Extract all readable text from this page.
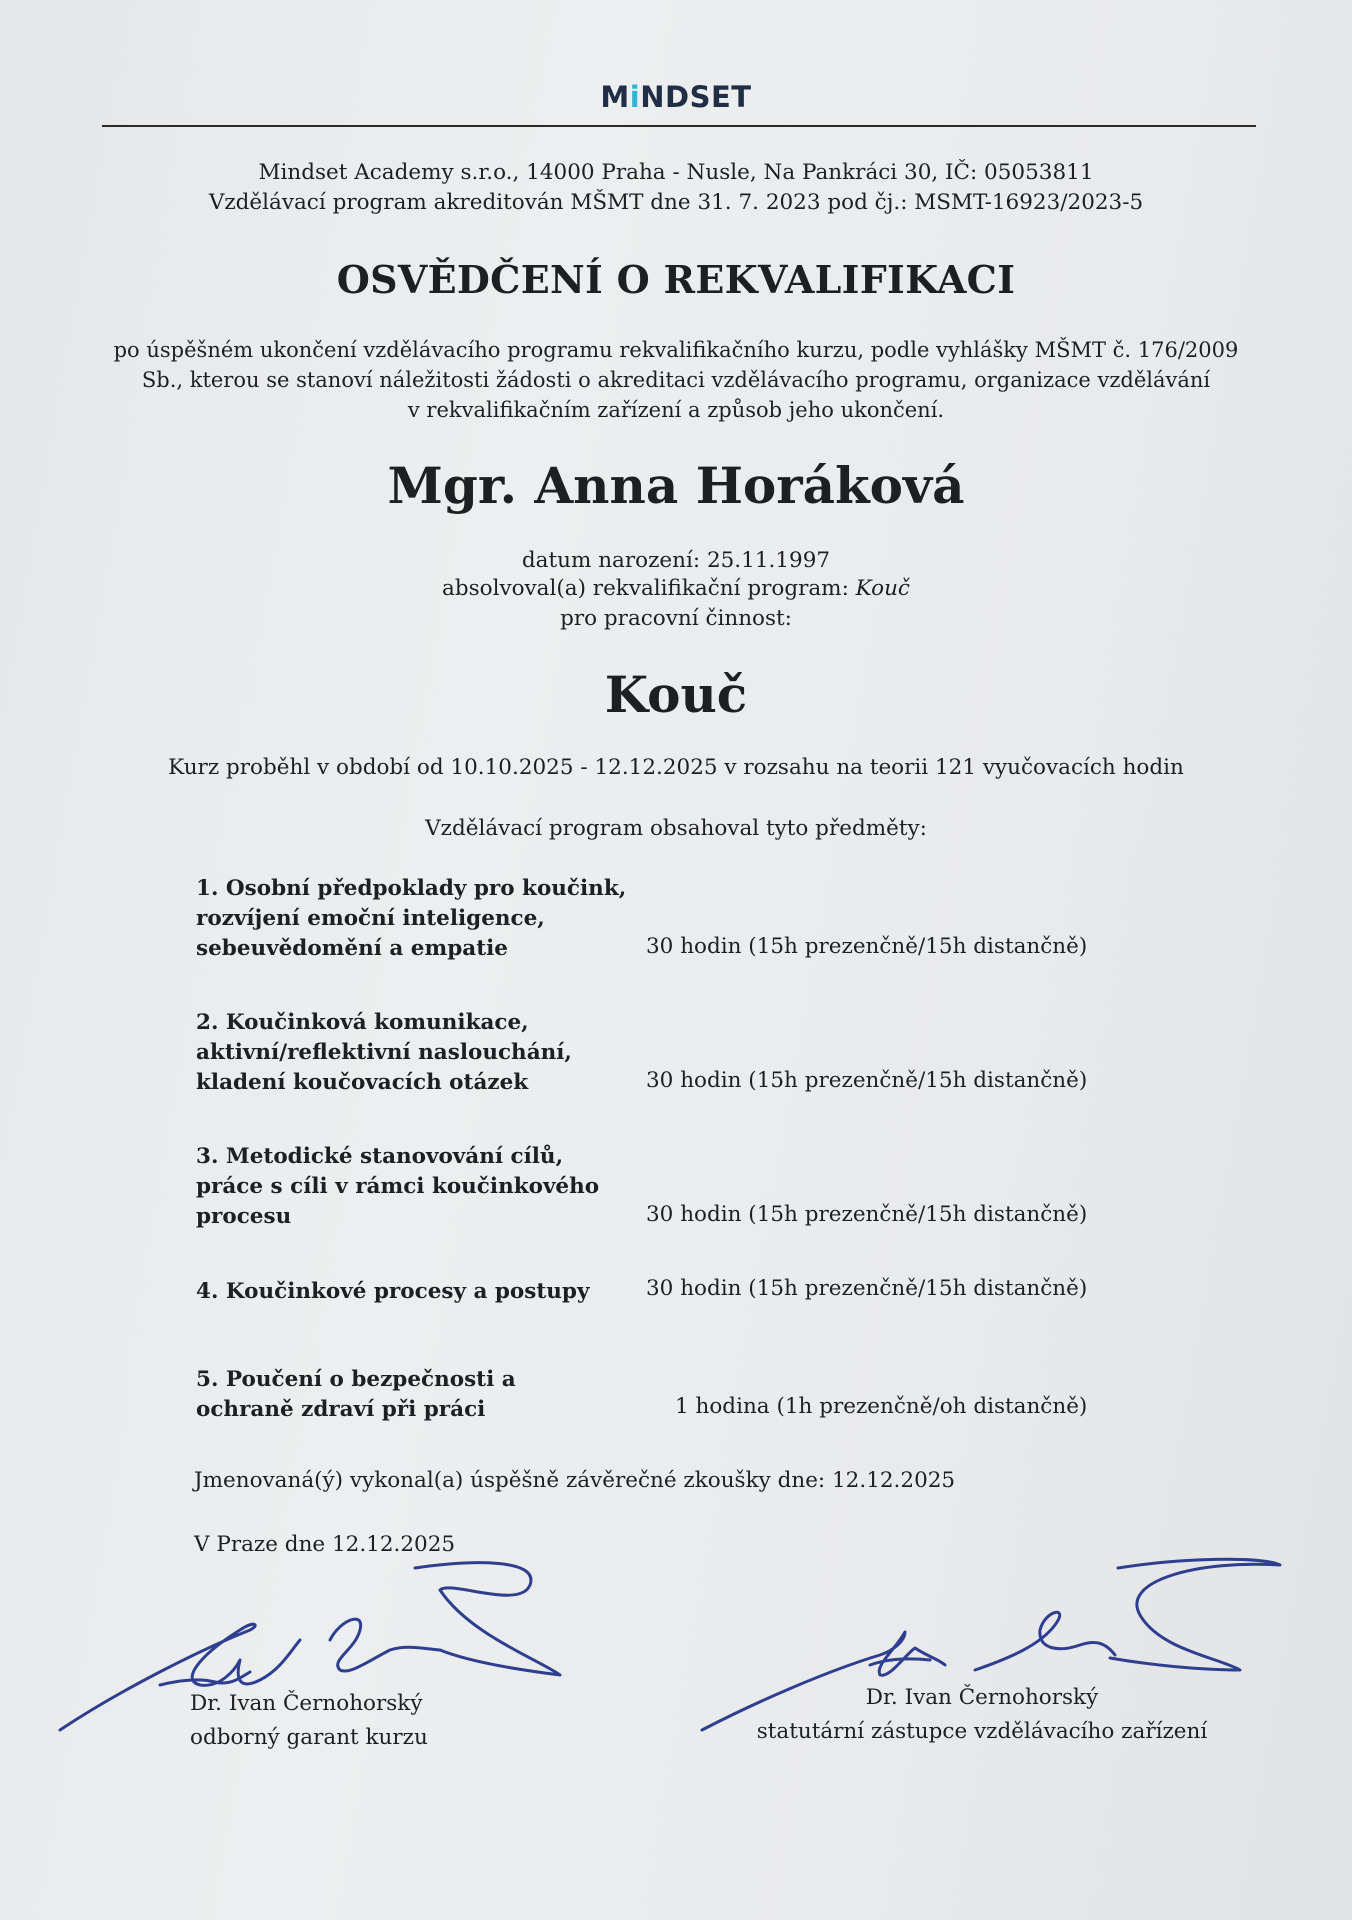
MiNDSET
Mindset Academy s.r.o., 14000 Praha - Nusle, Na Pankráci 30, IČ: 05053811
Vzdělávací program akreditován MŠMT dne 31. 7. 2023 pod čj.: MSMT-16923/2023-5
OSVĚDČENÍ O REKVALIFIKACI
po úspěšném ukončení vzdělávacího programu rekvalifikačního kurzu, podle vyhlášky MŠMT č. 176/2009
Sb., kterou se stanoví náležitosti žádosti o akreditaci vzdělávacího programu, organizace vzdělávání
v rekvalifikačním zařízení a způsob jeho ukončení.
Mgr. Anna Horáková
datum narození: 25.11.1997
absolvoval(a) rekvalifikační program: Kouč
pro pracovní činnost:
Kouč
Kurz proběhl v období od 10.10.2025 - 12.12.2025 v rozsahu na teorii 121 vyučovacích hodin
Vzdělávací program obsahoval tyto předměty:
1. Osobní předpoklady pro koučink,
rozvíjení emoční inteligence,
sebeuvědomění a empatie	30 hodin (15h prezenčně/15h distančně)
2. Koučinková komunikace,
aktivní/reflektivní naslouchání,
kladení koučovacích otázek	30 hodin (15h prezenčně/15h distančně)
3. Metodické stanovování cílů,
práce s cíli v rámci koučinkového
procesu	30 hodin (15h prezenčně/15h distančně)
4. Koučinkové procesy a postupy	30 hodin (15h prezenčně/15h distančně)
5. Poučení o bezpečnosti a
ochraně zdraví při práci	1 hodina (1h prezenčně/oh distančně)
Jmenovaná(ý) vykonal(a) úspěšně závěrečné zkoušky dne: 12.12.2025
V Praze dne 12.12.2025
Dr. Ivan Černohorský
odborný garant kurzu
Dr. Ivan Černohorský
statutární zástupce vzdělávacího zařízení
